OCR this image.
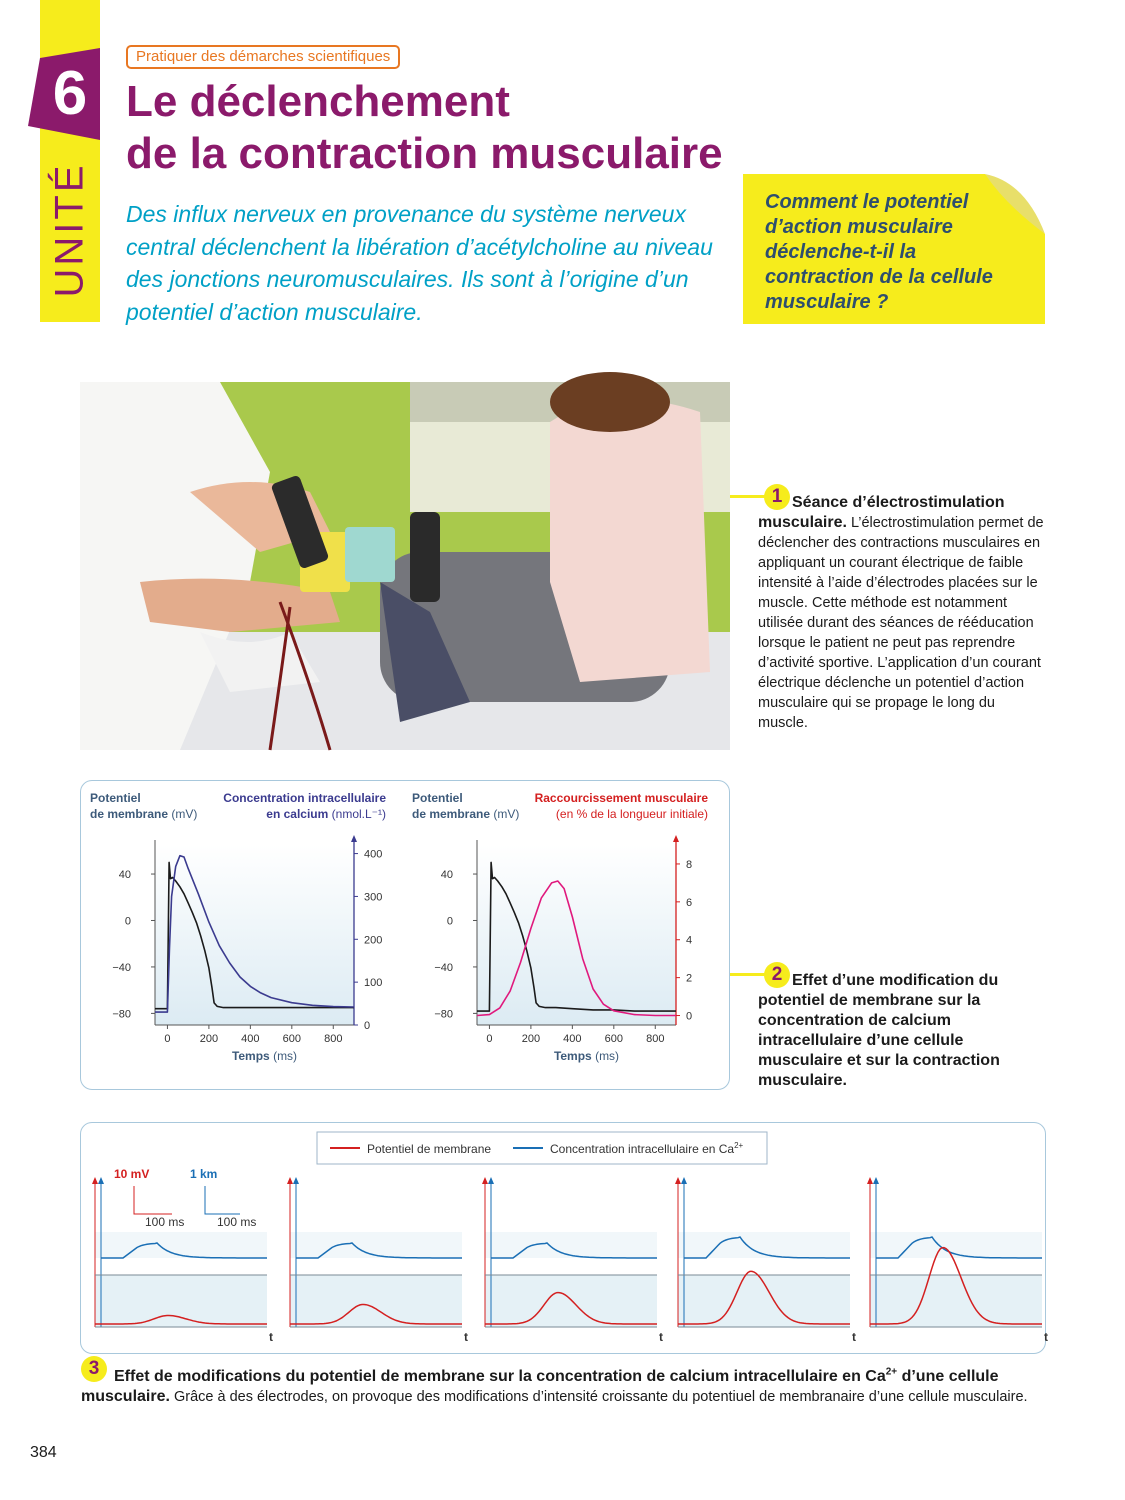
6
UNITÉ
Pratiquer des démarches scientifiques
Le déclenchement
de la contraction musculaire
Des influx nerveux en provenance du système nerveux central déclenchent la libération d’acétylcholine au niveau des jonctions neuromusculaires. Ils sont à l’origine d’un potentiel d’action musculaire.
Comment le potentiel d’action musculaire déclenche-t-il la contraction de la cellule musculaire ?
1 Séance d’électrostimulation musculaire. L’électrostimulation permet de déclencher des contractions musculaires en appliquant un courant électrique de faible intensité à l’aide d’électrodes placées sur le muscle. Cette méthode est notamment utilisée durant des séances de rééducation lorsque le patient ne peut pas reprendre d’activité sportive. L’application d’un courant électrique déclenche un potentiel d’action musculaire qui se propage le long du muscle.
0	200 400 600 800
−80
−40
0
40
0
100
200
300
400
Potentiel
de membrane (mV)
Concentration intracellulaire
en calcium (nmol.L⁻¹)
Temps (ms)
0	200 400 600 800
−80
−40
0
40
0
2
4
6
8
Potentiel
de membrane (mV)
Raccourcissement musculaire
(en % de la longueur initiale)
Temps (ms)
2 Effet d’une modification du potentiel de membrane sur la concentration de calcium intracellulaire d’une cellule musculaire et sur la contraction musculaire.
Potentiel de membrane	Concentration intracellulaire en $Ca^{2+}$
10 mV	1 km
100 ms	100 ms
t	t	t	t	t
3 Effet de modifications du potentiel de membrane sur la concentration de calcium intracellulaire en $Ca^{2+}$ d’une cellule musculaire. Grâce à des électrodes, on provoque des modifications d’intensité croissante du potentiuel de membranaire d’une cellule musculaire.
384
